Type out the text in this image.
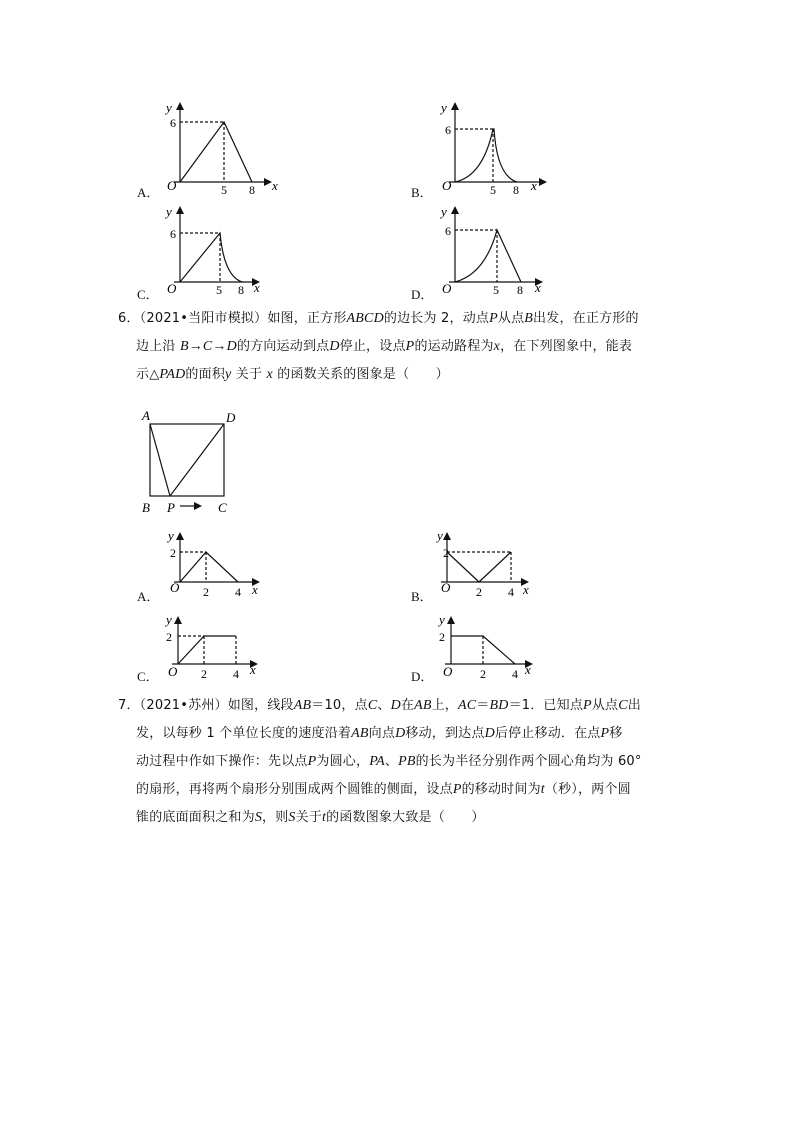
A．
y
x
O
6
5 8	B．
y
x
O
6
5 8
C．
y
x
O
6
5 8	D．
y
x
O
6
5 8
6．（2021•当阳市模拟）如图，正方形ABCD的边长为 2，动点P从点B出发，在正方形的
边上沿 B→C→D的方向运动到点D停止，设点P的运动路程为x，在下列图象中，能表
示△PAD的面积y 关于 x 的函数关系的图象是（　　）
A	D
B	C
P
A．
y
x
O
2
2 4	B．
y
x
O
2
2 4
C．
y
x
O
2
2 4	D．
y
x
O
2
2 4
7．（2021•苏州）如图，线段AB＝10，点C、D在AB上，AC＝BD＝1．已知点P从点C出
发，以每秒 1 个单位长度的速度沿着AB向点D移动，到达点D后停止移动．在点P移
动过程中作如下操作：先以点P为圆心，PA、PB的长为半径分别作两个圆心角均为 60°
的扇形，再将两个扇形分别围成两个圆锥的侧面，设点P的移动时间为t（秒），两个圆
锥的底面面积之和为S，则S关于t的函数图象大致是（　　）
